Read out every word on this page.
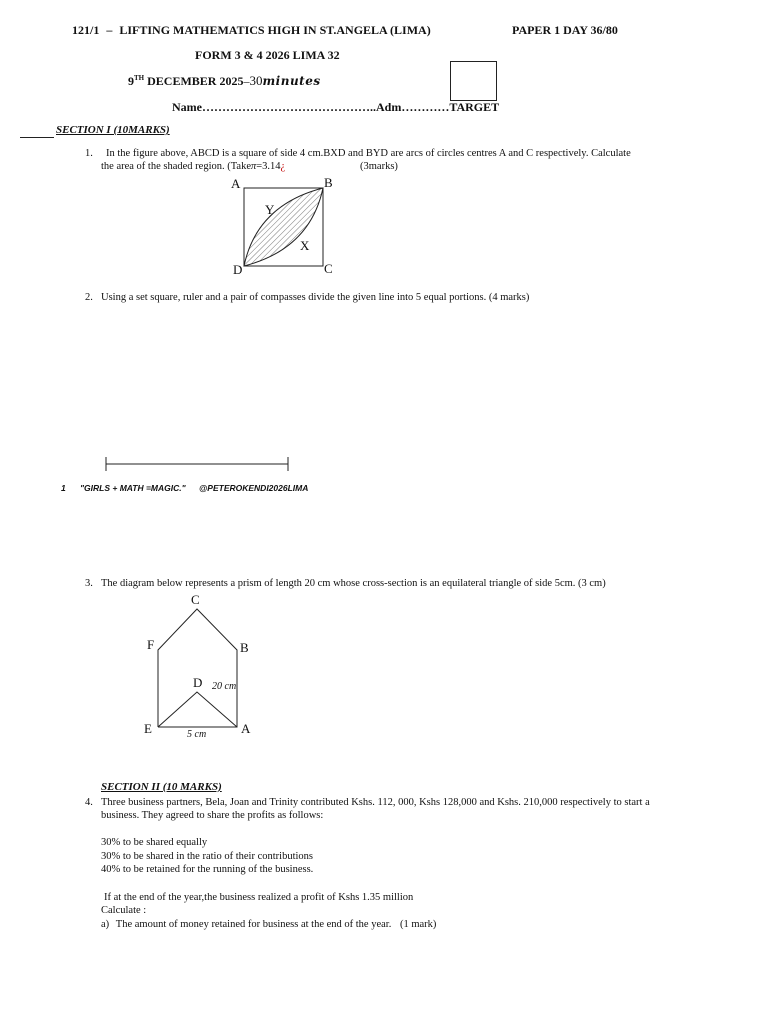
121/1 – LIFTING MATHEMATICS HIGH IN ST.ANGELA (LIMA)	PAPER 1 DAY 36/80
FORM 3 & 4 2026 LIMA 32
9TH DECEMBER 2025–30minutes
Name……………………………………..Adm…………TARGET
SECTION I (10MARKS)
1. In the figure above, ABCD is a square of side 4 cm.BXD and BYD are arcs of circles centres A and C respectively. Calculate
the area of the shaded region. (Takeπ=3.14¿	(3marks)
A	B
C
D
X
Y
2. Using a set square, ruler and a pair of compasses divide the given line into 5 equal portions. (4 marks)
1 "GIRLS + MATH =MAGIC." @PETEROKENDI2026LIMA
3. The diagram below represents a prism of length 20 cm whose cross-section is an equilateral triangle of side 5cm. (3 cm)
C
F	B
D 20 cm
E	A
5 cm
SECTION II (10 MARKS)
4. Three business partners, Bela, Joan and Trinity contributed Kshs. 112, 000, Kshs 128,000 and Kshs. 210,000 respectively to start a
business. They agreed to share the profits as follows:
30% to be shared equally
30% to be shared in the ratio of their contributions
40% to be retained for the running of the business.
If at the end of the year,the business realized a profit of Kshs 1.35 million
Calculate :
a) The amount of money retained for business at the end of the year. (1 mark)
